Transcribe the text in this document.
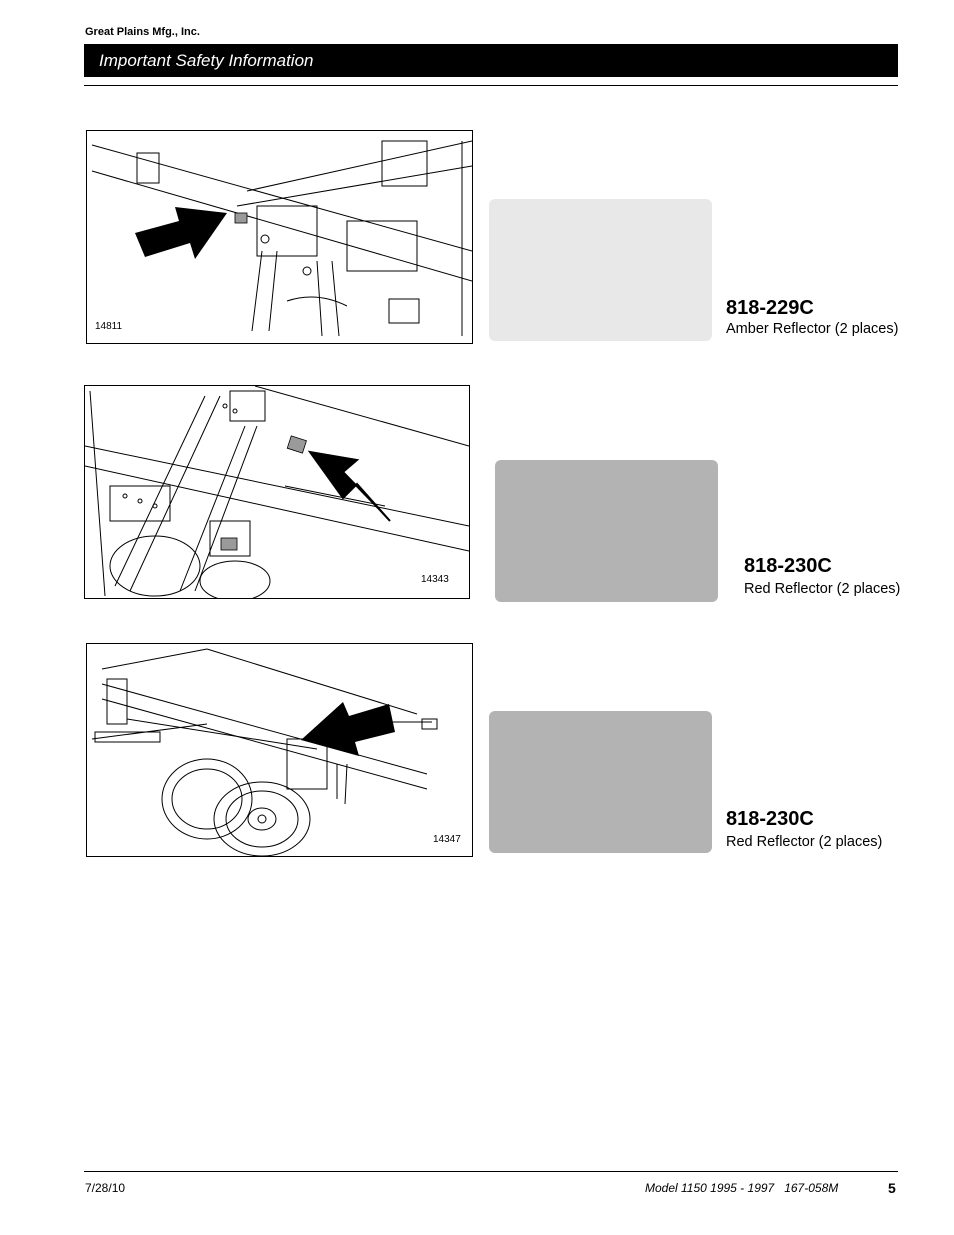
Great Plains Mfg., Inc.
Important Safety Information
14811
818-229C
Amber Reflector (2 places)
14343
818-230C
Red Reflector (2 places)
14347
818-230C
Red Reflector (2 places)
7/28/10	Model 1150 1995 - 1997   167-058M	5
